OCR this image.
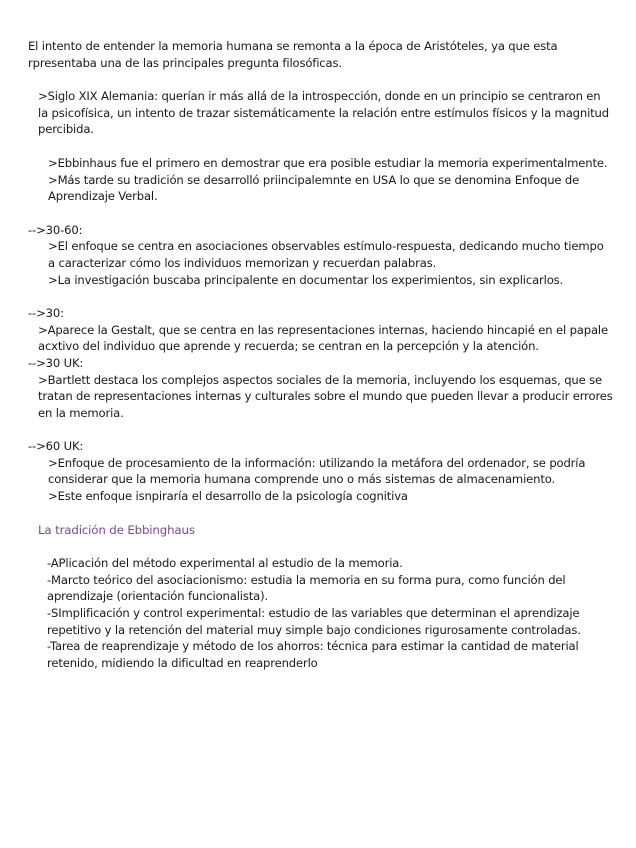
El intento de entender la memoria humana se remonta a la época de Aristóteles, ya que esta rpresentaba una de las principales pregunta filosóficas.

>Siglo XIX Alemania: querían ir más allá de la introspección, donde en un principio se centraron en la psicofísica, un intento de trazar sistemáticamente la relación entre estímulos físicos y la magnitud percibida.

>Ebbinhaus fue el primero en demostrar que era posible estudiar la memoria experimentalmente.

>Más tarde su tradición se desarrolló priincipalemnte en USA lo que se denomina Enfoque de Aprendizaje Verbal.

-->30-60:

>El enfoque se centra en asociaciones observables estímulo-respuesta, dedicando mucho tiempo a caracterizar cómo los individuos memorizan y recuerdan palabras.

>La investigación buscaba principalente en documentar los experimientos, sin explicarlos.

-->30:

>Aparece la Gestalt, que se centra en las representaciones internas, haciendo hincapié en el papale acxtivo del individuo que aprende y recuerda; se centran en la percepción y la atención.

-->30 UK:

>Bartlett destaca los complejos aspectos sociales de la memoria, incluyendo los esquemas, que se tratan de representaciones internas y culturales sobre el mundo que pueden llevar a producir errores en la memoria.

-->60 UK:

>Enfoque de procesamiento de la información: utilizando la metáfora del ordenador, se podría considerar que la memoria humana comprende uno o más sistemas de almacenamiento.

>Este enfoque isnpiraría el desarrollo de la psicología cognitiva

La tradición de Ebbinghaus

-APlicación del método experimental al estudio de la memoria.

-Marcto teórico del asociacionismo: estudia la memoria en su forma pura, como función del aprendizaje (orientación funcionalista).

-SImplificación y control experimental: estudio de las variables que determinan el aprendizaje repetitivo y la retención del material muy simple bajo condiciones rigurosamente controladas.

-Tarea de reaprendizaje y método de los ahorros: técnica para estimar la cantidad de material retenido, midiendo la dificultad en reaprenderlo
